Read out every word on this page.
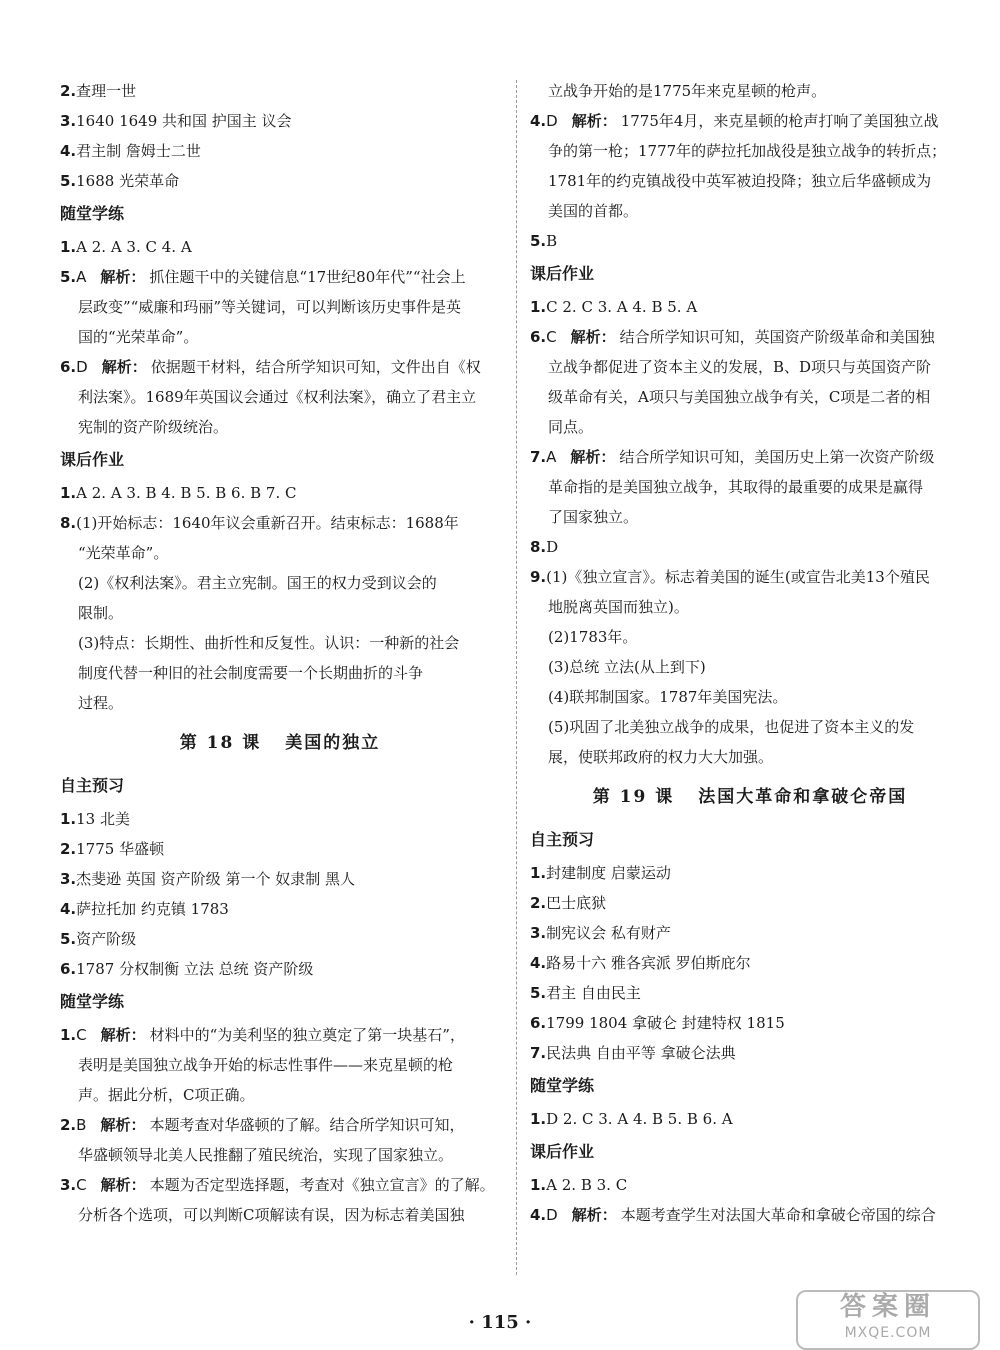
2.查理一世
3.1640 1649 共和国 护国主 议会
4.君主制 詹姆士二世
5.1688 光荣革命
随堂学练
1.A 2. A 3. C 4. A
5.A 解析： 抓住题干中的关键信息“17世纪80年代”“社会上
层政变”“威廉和玛丽”等关键词，可以判断该历史事件是英
国的“光荣革命”。
6.D 解析： 依据题干材料，结合所学知识可知，文件出自《权
利法案》。1689年英国议会通过《权利法案》，确立了君主立
宪制的资产阶级统治。
课后作业
1.A 2. A 3. B 4. B 5. B 6. B 7. C
8.(1)开始标志：1640年议会重新召开。结束标志：1688年
“光荣革命”。
(2)《权利法案》。君主立宪制。国王的权力受到议会的
限制。
(3)特点：长期性、曲折性和反复性。认识：一种新的社会
制度代替一种旧的社会制度需要一个长期曲折的斗争
过程。
第 18 课 美国的独立
自主预习
1.13 北美
2.1775 华盛顿
3.杰斐逊 英国 资产阶级 第一个 奴隶制 黑人
4.萨拉托加 约克镇 1783
5.资产阶级
6.1787 分权制衡 立法 总统 资产阶级
随堂学练
1.C 解析： 材料中的“为美利坚的独立奠定了第一块基石”，
表明是美国独立战争开始的标志性事件——来克星顿的枪
声。据此分析，C项正确。
2.B 解析： 本题考查对华盛顿的了解。结合所学知识可知，
华盛顿领导北美人民推翻了殖民统治，实现了国家独立。
3.C 解析： 本题为否定型选择题，考查对《独立宣言》的了解。
分析各个选项，可以判断C项解读有误，因为标志着美国独
立战争开始的是1775年来克星顿的枪声。
4.D 解析： 1775年4月，来克星顿的枪声打响了美国独立战
争的第一枪；1777年的萨拉托加战役是独立战争的转折点；
1781年的约克镇战役中英军被迫投降；独立后华盛顿成为
美国的首都。
5.B
课后作业
1.C 2. C 3. A 4. B 5. A
6.C 解析： 结合所学知识可知，英国资产阶级革命和美国独
立战争都促进了资本主义的发展，B、D项只与英国资产阶
级革命有关，A项只与美国独立战争有关，C项是二者的相
同点。
7.A 解析： 结合所学知识可知，美国历史上第一次资产阶级
革命指的是美国独立战争，其取得的最重要的成果是赢得
了国家独立。
8.D
9.(1)《独立宣言》。标志着美国的诞生(或宣告北美13个殖民
地脱离英国而独立)。
(2)1783年。
(3)总统 立法(从上到下)
(4)联邦制国家。1787年美国宪法。
(5)巩固了北美独立战争的成果，也促进了资本主义的发
展，使联邦政府的权力大大加强。
第 19 课 法国大革命和拿破仑帝国
自主预习
1.封建制度 启蒙运动
2.巴士底狱
3.制宪议会 私有财产
4.路易十六 雅各宾派 罗伯斯庇尔
5.君主 自由民主
6.1799 1804 拿破仑 封建特权 1815
7.民法典 自由平等 拿破仑法典
随堂学练
1.D 2. C 3. A 4. B 5. B 6. A
课后作业
1.A 2. B 3. C
4.D 解析： 本题考查学生对法国大革命和拿破仑帝国的综合
· 115 ·
答案圈
MXQE.COM
